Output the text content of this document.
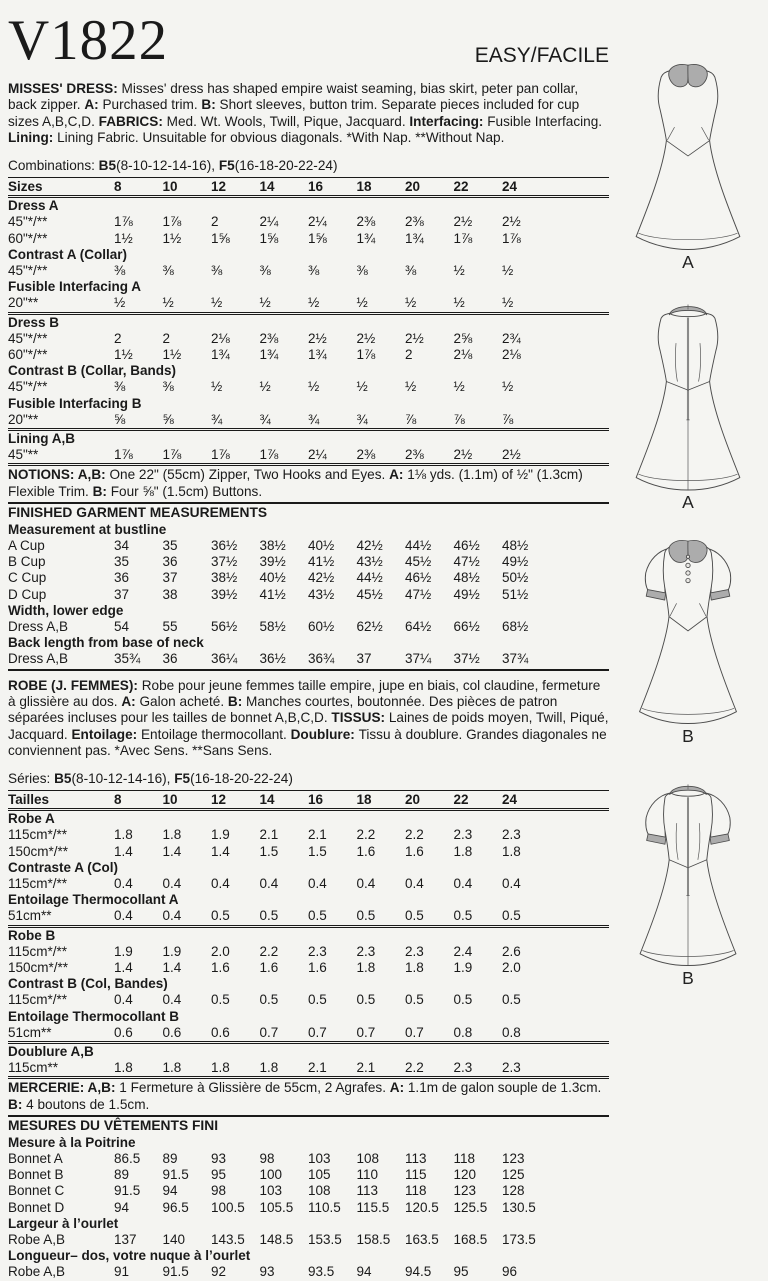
V1822	EASY/FACILE
MISSES' DRESS: Misses' dress has shaped empire waist seaming, bias skirt, peter pan collar, back zipper. A: Purchased trim. B: Short sleeves, button trim. Separate pieces included for cup sizes A,B,C,D. FABRICS: Med. Wt. Wools, Twill, Pique, Jacquard. Interfacing: Fusible Interfacing. Lining: Lining Fabric. Unsuitable for obvious diagonals. *With Nap. **Without Nap.
Combinations: B5(8-10-12-14-16), F5(16-18-20-22-24)
Sizes	8	10	12	14	16	18	20	22	24
Dress A
45"*/**	1⅞	1⅞	2	2¼	2¼	2⅜	2⅜	2½	2½
60"*/**	1½	1½	1⅝	1⅝	1⅝	1¾	1¾	1⅞	1⅞
Contrast A (Collar)
45"*/**	⅜	⅜	⅜	⅜	⅜	⅜	⅜	½	½
Fusible Interfacing A
20"**	½	½	½	½	½	½	½	½	½
Dress B
45"*/**	2	2	2⅛	2⅜	2½	2½	2½	2⅝	2¾
60"*/**	1½	1½	1¾	1¾	1¾	1⅞	2	2⅛	2⅛
Contrast B (Collar, Bands)
45"*/**	⅜	⅜	½	½	½	½	½	½	½
Fusible Interfacing B
20"**	⅝	⅝	¾	¾	¾	¾	⅞	⅞	⅞
Lining A,B
45"**	1⅞	1⅞	1⅞	1⅞	2¼	2⅜	2⅜	2½	2½
NOTIONS: A,B: One 22" (55cm) Zipper, Two Hooks and Eyes. A: 1⅛ yds. (1.1m) of ½" (1.3cm) Flexible Trim. B: Four ⅝" (1.5cm) Buttons.
FINISHED GARMENT MEASUREMENTS
Measurement at bustline
A Cup	34	35	36½	38½	40½	42½	44½	46½	48½
B Cup	35	36	37½	39½	41½	43½	45½	47½	49½
C Cup	36	37	38½	40½	42½	44½	46½	48½	50½
D Cup	37	38	39½	41½	43½	45½	47½	49½	51½
Width, lower edge
Dress A,B	54	55	56½	58½	60½	62½	64½	66½	68½
Back length from base of neck
Dress A,B	35¾	36	36¼	36½	36¾	37	37¼	37½	37¾
ROBE (J. FEMMES): Robe pour jeune femmes taille empire, jupe en biais, col claudine, fermeture à glissière au dos. A: Galon acheté. B: Manches courtes, boutonnée. Des pièces de patron séparées incluses pour les tailles de bonnet A,B,C,D. TISSUS: Laines de poids moyen, Twill, Piqué, Jacquard. Entoilage: Entoilage thermocollant. Doublure: Tissu à doublure. Grandes diagonales ne conviennent pas. *Avec Sens. **Sans Sens.
Séries: B5(8-10-12-14-16), F5(16-18-20-22-24)
Tailles	8	10	12	14	16	18	20	22	24
Robe A
115cm*/**	1.8	1.8	1.9	2.1	2.1	2.2	2.2	2.3	2.3
150cm*/**	1.4	1.4	1.4	1.5	1.5	1.6	1.6	1.8	1.8
Contraste A (Col)
115cm*/**	0.4	0.4	0.4	0.4	0.4	0.4	0.4	0.4	0.4
Entoilage Thermocollant A
51cm**	0.4	0.4	0.5	0.5	0.5	0.5	0.5	0.5	0.5
Robe B
115cm*/**	1.9	1.9	2.0	2.2	2.3	2.3	2.3	2.4	2.6
150cm*/**	1.4	1.4	1.6	1.6	1.6	1.8	1.8	1.9	2.0
Contrast B (Col, Bandes)
115cm*/**	0.4	0.4	0.5	0.5	0.5	0.5	0.5	0.5	0.5
Entoilage Thermocollant B
51cm**	0.6	0.6	0.6	0.7	0.7	0.7	0.7	0.8	0.8
Doublure A,B
115cm**	1.8	1.8	1.8	1.8	2.1	2.1	2.2	2.3	2.3
MERCERIE: A,B: 1 Fermeture à Glissière de 55cm, 2 Agrafes. A: 1.1m de galon souple de 1.3cm. B: 4 boutons de 1.5cm.
MESURES DU VÊTEMENTS FINI
Mesure à la Poitrine
Bonnet A	86.5	89	93	98	103	108	113	118	123
Bonnet B	89	91.5	95	100	105	110	115	120	125
Bonnet C	91.5	94	98	103	108	113	118	123	128
Bonnet D	94	96.5	100.5	105.5	110.5	115.5	120.5	125.5	130.5
Largeur à l’ourlet
Robe A,B	137	140	143.5	148.5	153.5	158.5	163.5	168.5	173.5
Longueur– dos, votre nuque à l’ourlet
Robe A,B	91	91.5	92	93	93.5	94	94.5	95	96
A
A
B
B
